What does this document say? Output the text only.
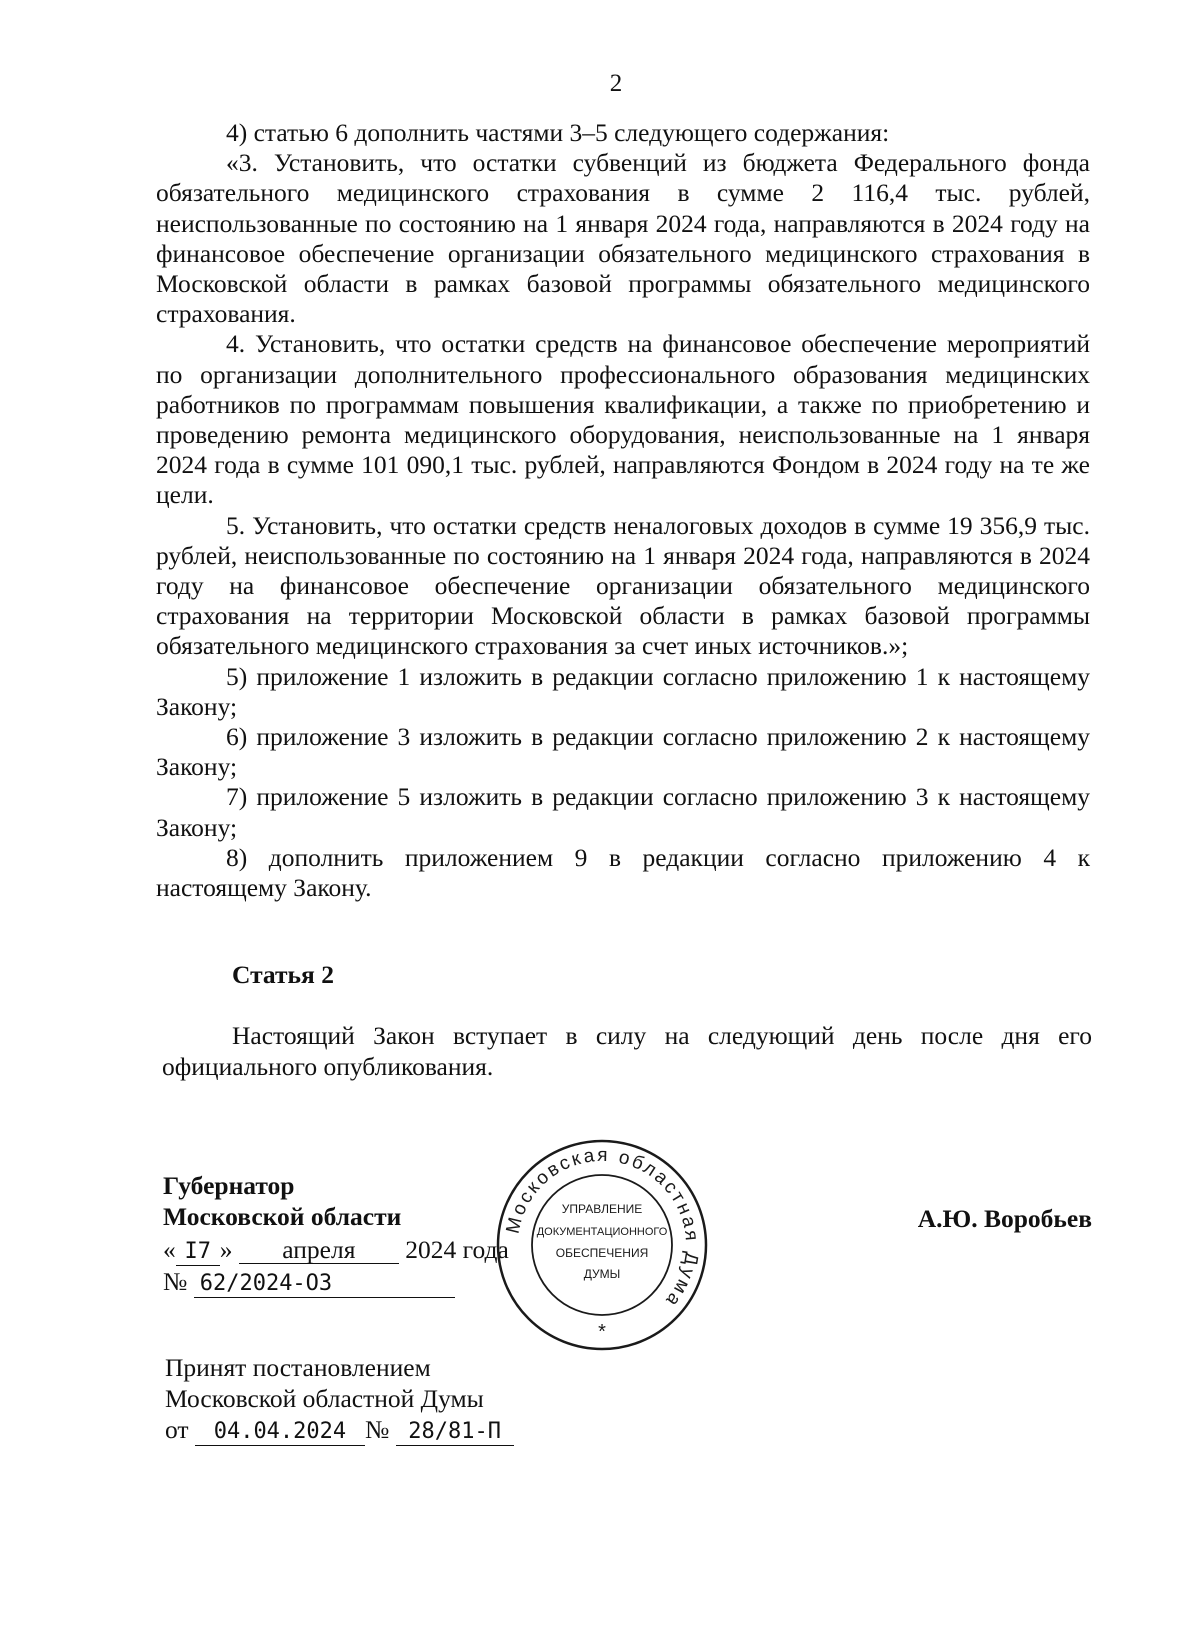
2

4) статью 6 дополнить частями 3–5 следующего содержания:

«3. Установить, что остатки субвенций из бюджета Федерального фонда обязательного медицинского страхования в сумме 2 116,4 тыс. рублей, неиспользованные по состоянию на 1 января 2024 года, направляются в 2024 году на финансовое обеспечение организации обязательного медицинского страхования в Московской области в рамках базовой программы обязательного медицинского страхования.

4. Установить, что остатки средств на финансовое обеспечение мероприятий по организации дополнительного профессионального образования медицинских работников по программам повышения квалификации, а также по приобретению и проведению ремонта медицинского оборудования, неиспользованные на 1 января 2024 года в сумме 101 090,1 тыс. рублей, направляются Фондом в 2024 году на те же цели.

5. Установить, что остатки средств неналоговых доходов в сумме 19 356,9 тыс. рублей, неиспользованные по состоянию на 1 января 2024 года, направляются в 2024 году на финансовое обеспечение организации обязательного медицинского страхования на территории Московской области в рамках базовой программы обязательного медицинского страхования за счет иных источников.»;

5) приложение 1 изложить в редакции согласно приложению 1 к настоящему Закону;

6) приложение 3 изложить в редакции согласно приложению 2 к настоящему Закону;

7) приложение 5 изложить в редакции согласно приложению 3 к настоящему Закону;

8) дополнить приложением 9 в редакции согласно приложению 4 к настоящему Закону.

Статья 2

Настоящий Закон вступает в силу на следующий день после дня его официального опубликования.

Губернатор
Московской области
« I7 » апреля 2024 года
№ 62/2024-ОЗ
А.Ю. Воробьев
Московская областная Дума
УПРАВЛЕНИЕ
ДОКУМЕНТАЦИОННОГО
ОБЕСПЕЧЕНИЯ
ДУМЫ
*
Принят постановлением
Московской областной Думы
от 04.04.2024 № 28/81-П
